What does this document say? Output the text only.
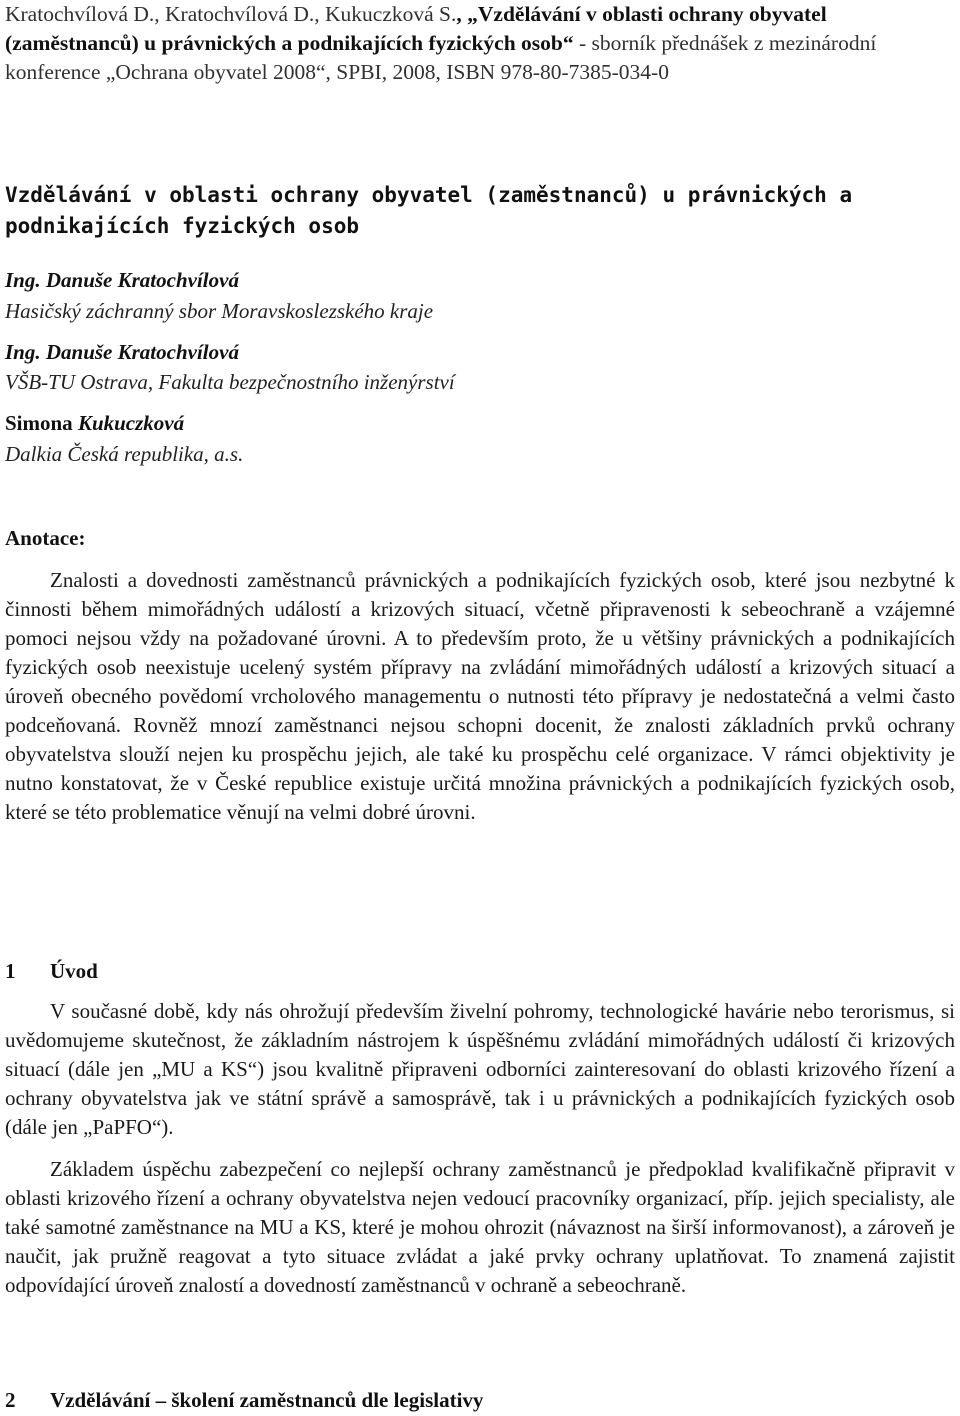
Kratochvílová D., Kratochvílová D., Kukuczková S., „Vzdělávání v oblasti ochrany obyvatel (zaměstnanců) u právnických a podnikajících fyzických osob“ - sborník přednášek z mezinárodní konference „Ochrana obyvatel 2008“, SPBI, 2008, ISBN 978-80-7385-034-0
Vzdělávání v oblasti ochrany obyvatel (zaměstnanců) u právnických a podnikajících fyzických osob
Ing. Danuše Kratochvílová
Hasičský záchranný sbor Moravskoslezského kraje
Ing. Danuše Kratochvílová
VŠB-TU Ostrava, Fakulta bezpečnostního inženýrství
Simona Kukuczková
Dalkia Česká republika, a.s.
Anotace:
Znalosti a dovednosti zaměstnanců právnických a podnikajících fyzických osob, které jsou nezbytné k činnosti během mimořádných událostí a krizových situací, včetně připravenosti k sebeochraně a vzájemné pomoci nejsou vždy na požadované úrovni. A to především proto, že u většiny právnických a podnikajících fyzických osob neexistuje ucelený systém přípravy na zvládání mimořádných událostí a krizových situací a úroveň obecného povědomí vrcholového managementu o nutnosti této přípravy je nedostatečná a velmi často podceňovaná. Rovněž mnozí zaměstnanci nejsou schopni docenit, že znalosti základních prvků ochrany obyvatelstva slouží nejen ku prospěchu jejich, ale také ku prospěchu celé organizace. V rámci objektivity je nutno konstatovat, že v České republice existuje určitá množina právnických a podnikajících fyzických osob, které se této problematice věnují na velmi dobré úrovni.
1 Úvod
V současné době, kdy nás ohrožují především živelní pohromy, technologické havárie nebo terorismus, si uvědomujeme skutečnost, že základním nástrojem k úspěšnému zvládání mimořádných událostí či krizových situací (dále jen „MU a KS“) jsou kvalitně připraveni odborníci zainteresovaní do oblasti krizového řízení a ochrany obyvatelstva jak ve státní správě a samosprávě, tak i u právnických a podnikajících fyzických osob (dále jen „PaPFO“).
Základem úspěchu zabezpečení co nejlepší ochrany zaměstnanců je předpoklad kvalifikačně připravit v oblasti krizového řízení a ochrany obyvatelstva nejen vedoucí pracovníky organizací, příp. jejich specialisty, ale také samotné zaměstnance na MU a KS, které je mohou ohrozit (návaznost na širší informovanost), a zároveň je naučit, jak pružně reagovat a tyto situace zvládat a jaké prvky ochrany uplatňovat. To znamená zajistit odpovídající úroveň znalostí a dovedností zaměstnanců v ochraně a sebeochraně.
2 Vzdělávání – školení zaměstnanců dle legislativy
